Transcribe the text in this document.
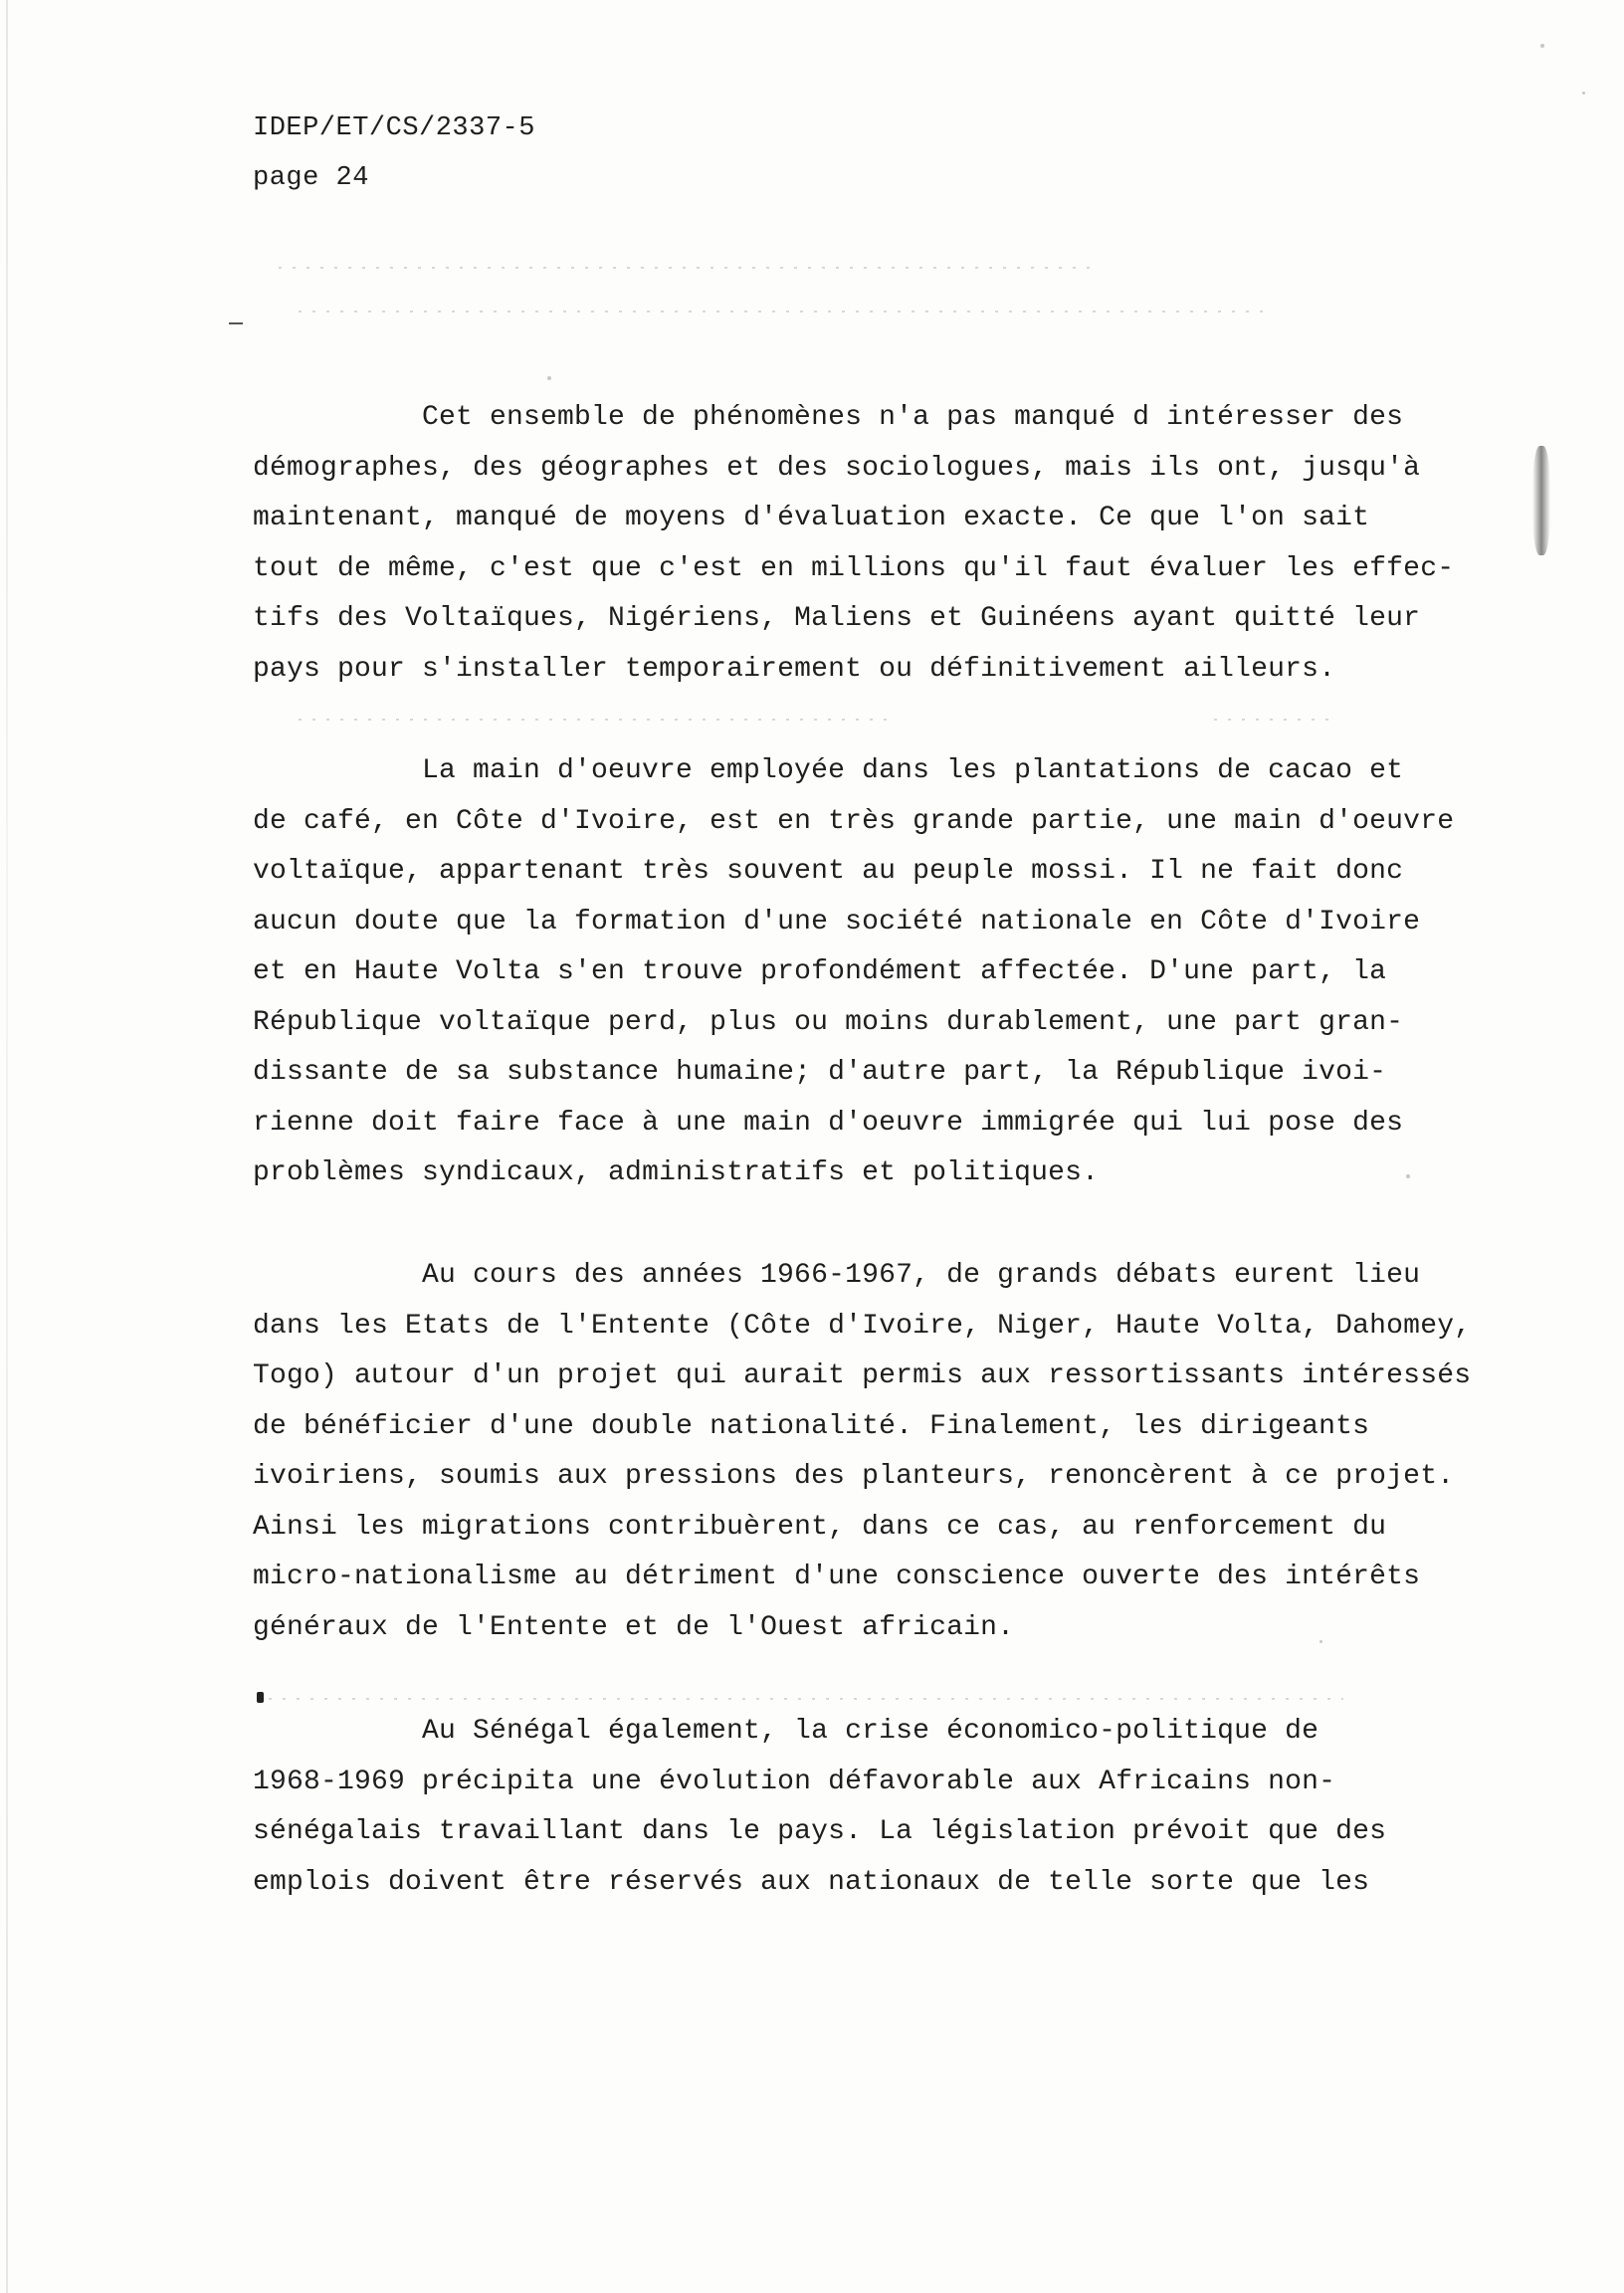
IDEP/ET/CS/2337-5
page 24
Cet ensemble de phénomènes n'a pas manqué d intéresser des
démographes, des géographes et des sociologues, mais ils ont, jusqu'à
maintenant, manqué de moyens d'évaluation exacte. Ce que l'on sait
tout de même, c'est que c'est en millions qu'il faut évaluer les effec-
tifs des Voltaïques, Nigériens, Maliens et Guinéens ayant quitté leur
pays pour s'installer temporairement ou définitivement ailleurs.
La main d'oeuvre employée dans les plantations de cacao et
de café, en Côte d'Ivoire, est en très grande partie, une main d'oeuvre
voltaïque, appartenant très souvent au peuple mossi. Il ne fait donc
aucun doute que la formation d'une société nationale en Côte d'Ivoire
et en Haute Volta s'en trouve profondément affectée. D'une part, la
République voltaïque perd, plus ou moins durablement, une part gran-
dissante de sa substance humaine; d'autre part, la République ivoi-
rienne doit faire face à une main d'oeuvre immigrée qui lui pose des
problèmes syndicaux, administratifs et politiques.
Au cours des années 1966-1967, de grands débats eurent lieu
dans les Etats de l'Entente (Côte d'Ivoire, Niger, Haute Volta, Dahomey,
Togo) autour d'un projet qui aurait permis aux ressortissants intéressés
de bénéficier d'une double nationalité. Finalement, les dirigeants
ivoiriens, soumis aux pressions des planteurs, renoncèrent à ce projet.
Ainsi les migrations contribuèrent, dans ce cas, au renforcement du
micro-nationalisme au détriment d'une conscience ouverte des intérêts
généraux de l'Entente et de l'Ouest africain.
Au Sénégal également, la crise économico-politique de
1968-1969 précipita une évolution défavorable aux Africains non-
sénégalais travaillant dans le pays. La législation prévoit que des
emplois doivent être réservés aux nationaux de telle sorte que les
